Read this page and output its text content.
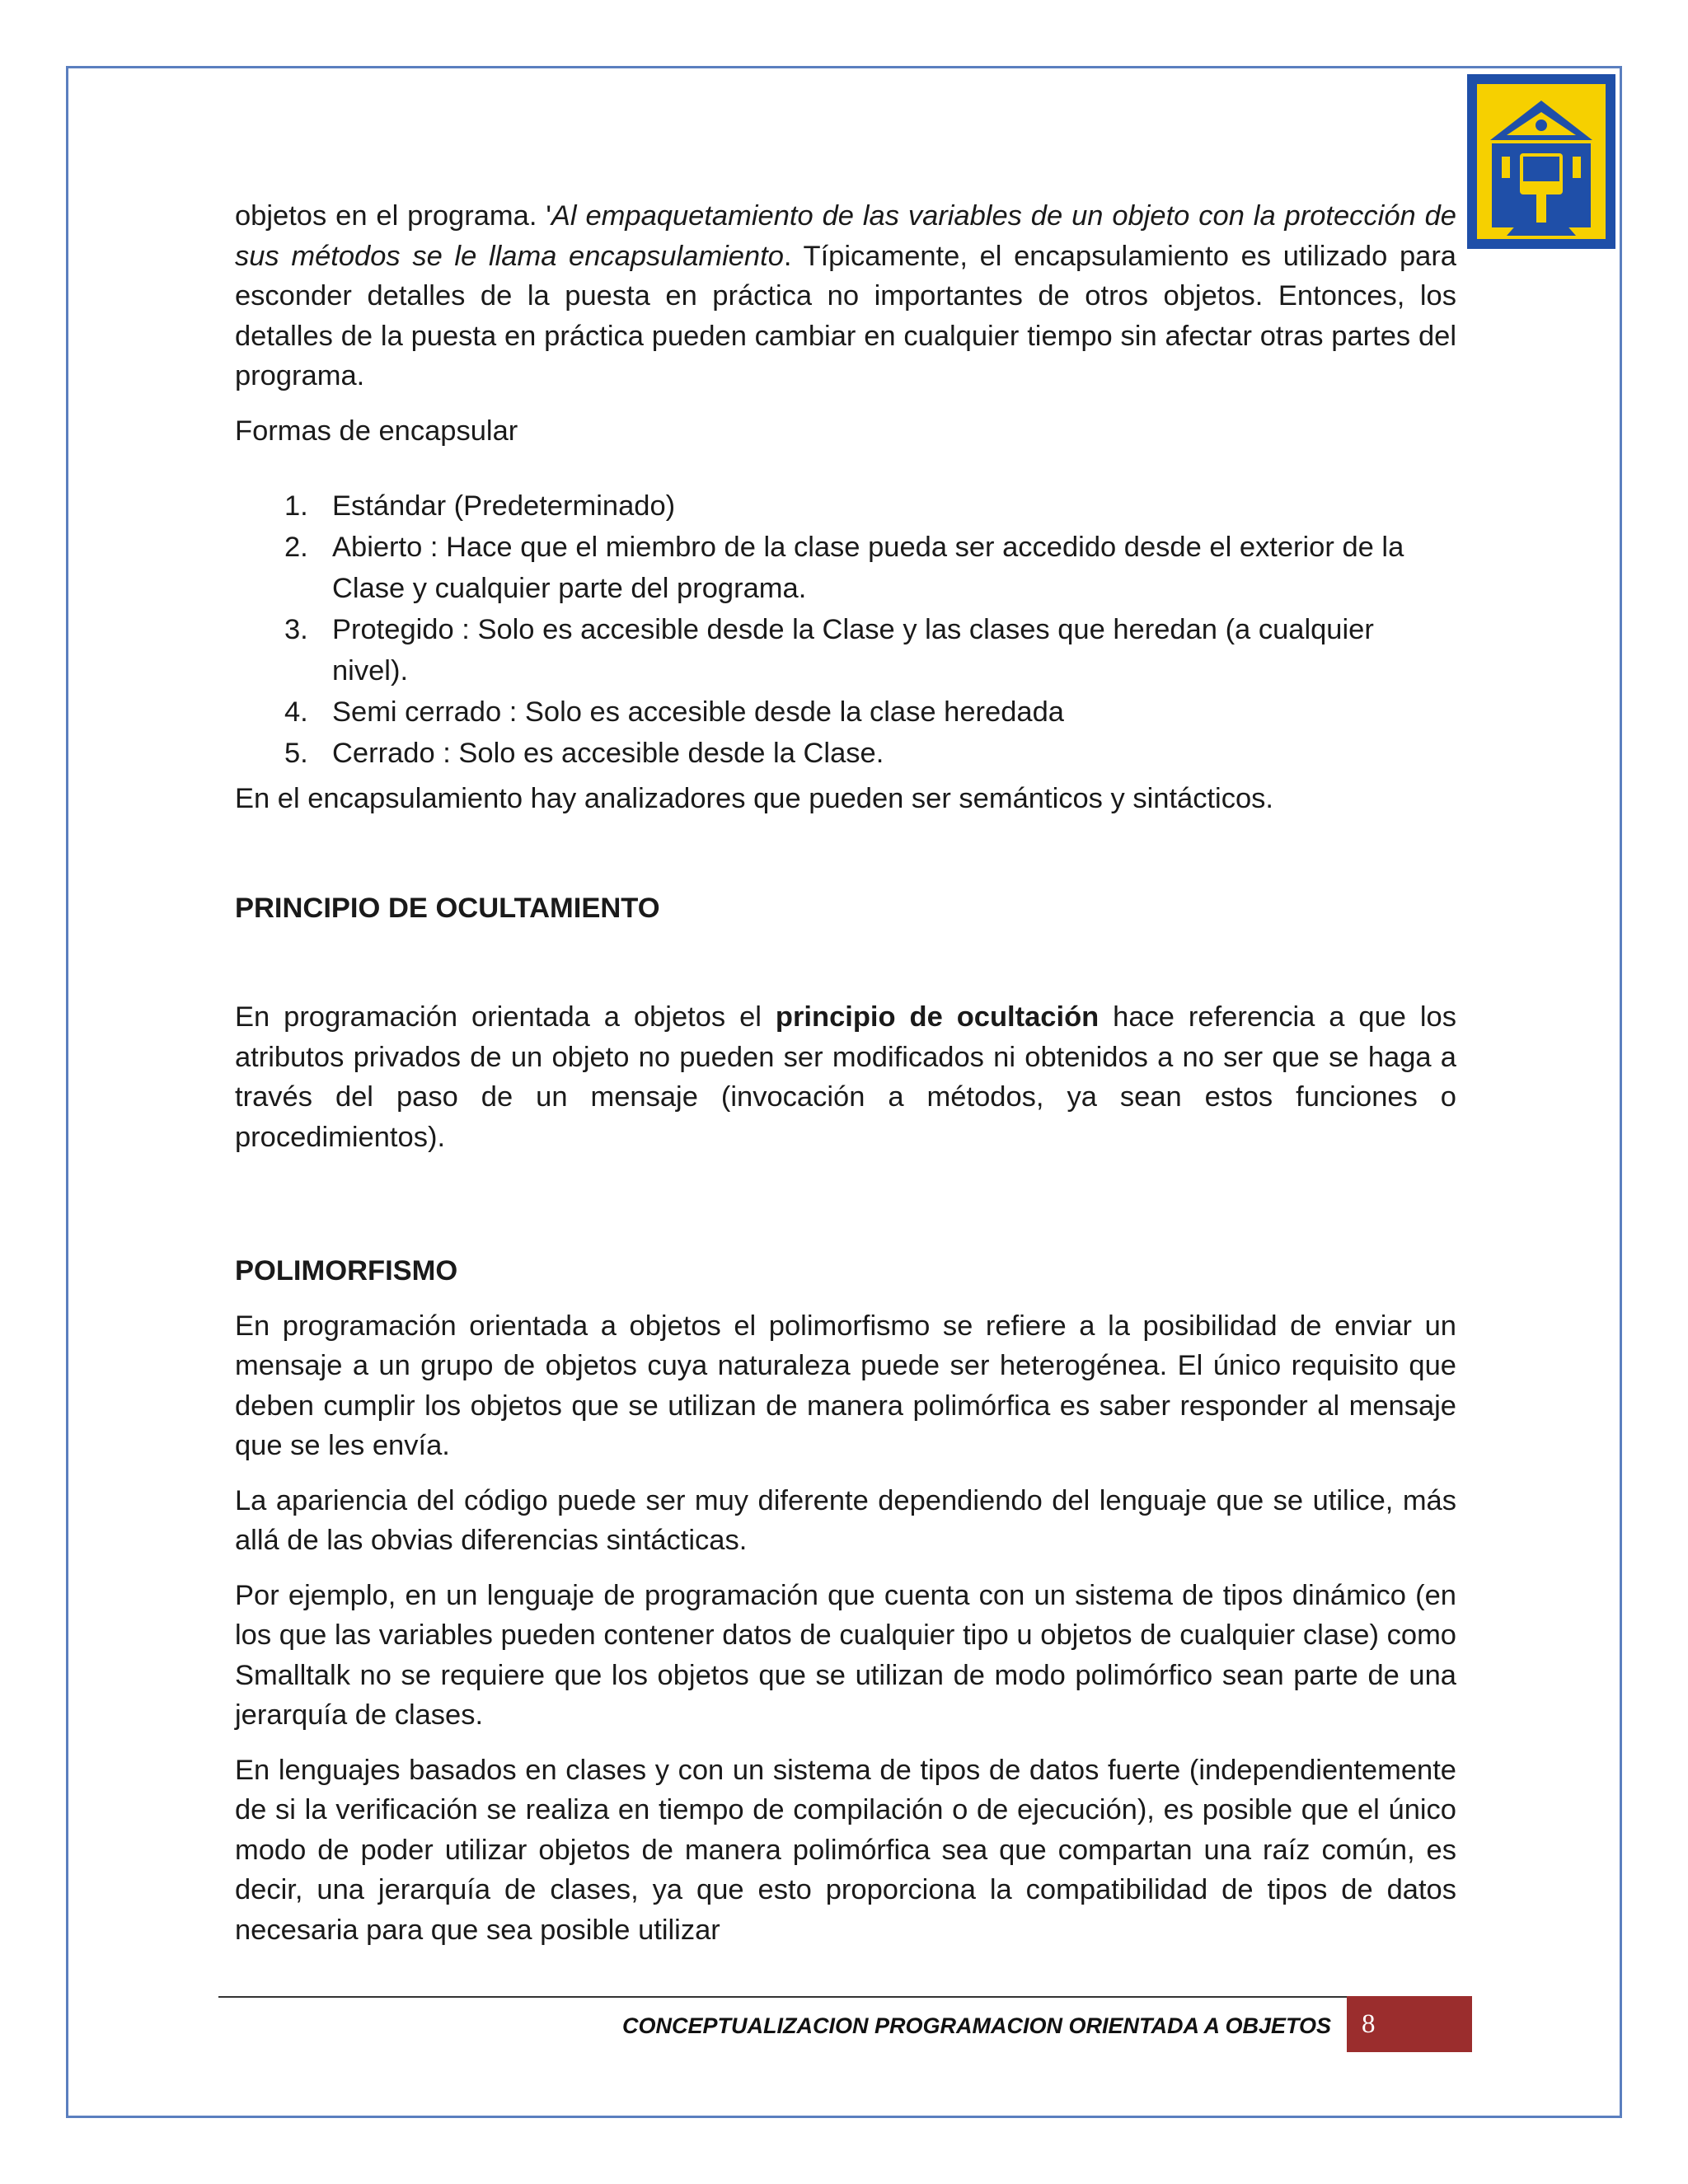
objetos en el programa. 'Al empaquetamiento de las variables de un objeto con la protección de sus métodos se le llama encapsulamiento. Típicamente, el encapsulamiento es utilizado para esconder detalles de la puesta en práctica no importantes de otros objetos. Entonces, los detalles de la puesta en práctica pueden cambiar en cualquier tiempo sin afectar otras partes del programa.

Formas de encapsular

1. Estándar (Predeterminado)
2. Abierto : Hace que el miembro de la clase pueda ser accedido desde el exterior de la Clase y cualquier parte del programa.
3. Protegido : Solo es accesible desde la Clase y las clases que heredan (a cualquier nivel).
4. Semi cerrado : Solo es accesible desde la clase heredada
5. Cerrado : Solo es accesible desde la Clase.

En el encapsulamiento hay analizadores que pueden ser semánticos y sintácticos.

PRINCIPIO DE OCULTAMIENTO

En programación orientada a objetos el principio de ocultación hace referencia a que los atributos privados de un objeto no pueden ser modificados ni obtenidos a no ser que se haga a través del paso de un mensaje (invocación a métodos, ya sean estos funciones o procedimientos).

POLIMORFISMO

En programación orientada a objetos el polimorfismo se refiere a la posibilidad de enviar un mensaje a un grupo de objetos cuya naturaleza puede ser heterogénea. El único requisito que deben cumplir los objetos que se utilizan de manera polimórfica es saber responder al mensaje que se les envía.

La apariencia del código puede ser muy diferente dependiendo del lenguaje que se utilice, más allá de las obvias diferencias sintácticas.

Por ejemplo, en un lenguaje de programación que cuenta con un sistema de tipos dinámico (en los que las variables pueden contener datos de cualquier tipo u objetos de cualquier clase) como Smalltalk no se requiere que los objetos que se utilizan de modo polimórfico sean parte de una jerarquía de clases.

En lenguajes basados en clases y con un sistema de tipos de datos fuerte (independientemente de si la verificación se realiza en tiempo de compilación o de ejecución), es posible que el único modo de poder utilizar objetos de manera polimórfica sea que compartan una raíz común, es decir, una jerarquía de clases, ya que esto proporciona la compatibilidad de tipos de datos necesaria para que sea posible utilizar

CONCEPTUALIZACION PROGRAMACION ORIENTADA A OBJETOS	8
